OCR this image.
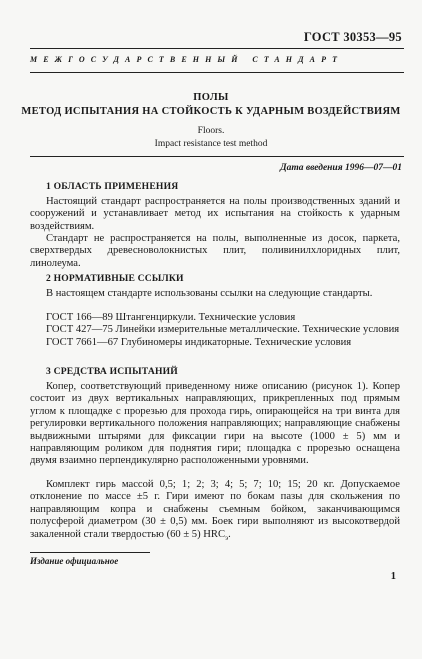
ГОСТ 30353—95
межгосударственный стандарт
ПОЛЫ
МЕТОД ИСПЫТАНИЯ НА СТОЙКОСТЬ К УДАРНЫМ ВОЗДЕЙСТВИЯМ
Floors.
Impact resistance test method
Дата введения 1996—07—01
1 ОБЛАСТЬ ПРИМЕНЕНИЯ
Настоящий стандарт распространяется на полы производственных зданий и сооружений и устанавливает метод их испытания на стойкость к ударным воздействиям.
Стандарт не распространяется на полы, выполненные из досок, паркета, сверхтвердых древесноволокнистых плит, поливинилхлоридных плит, линолеума.
2 НОРМАТИВНЫЕ ССЫЛКИ
В настоящем стандарте использованы ссылки на следующие стандарты.
ГОСТ 166—89 Штангенциркули. Технические условия
ГОСТ 427—75 Линейки измерительные металлические. Технические условия
ГОСТ 7661—67 Глубиномеры индикаторные. Технические условия
3 СРЕДСТВА ИСПЫТАНИЙ
Копер, соответствующий приведенному ниже описанию (рисунок 1). Копер состоит из двух вертикальных направляющих, прикрепленных под прямым углом к площадке с прорезью для прохода гирь, опирающейся на три винта для регулировки вертикального положения направляющих; направляющие снабжены выдвижными штырями для фиксации гири на высоте (1000 ± 5) мм и направляющим роликом для поднятия гири; площадка с прорезью оснащена двумя взаимно перпендикулярно расположенными уровнями.
Комплект гирь массой 0,5; 1; 2; 3; 4; 5; 7; 10; 15; 20 кг. Допускаемое отклонение по массе ±5 г. Гири имеют по бокам пазы для скольжения по направляющим копра и снабжены съемным бойком, заканчивающимся полусферой диаметром (30 ± 0,5) мм. Боек гири выполняют из высокотвердой закаленной стали твердостью (60 ± 5) $HRC_э$.
Издание официальное
1
